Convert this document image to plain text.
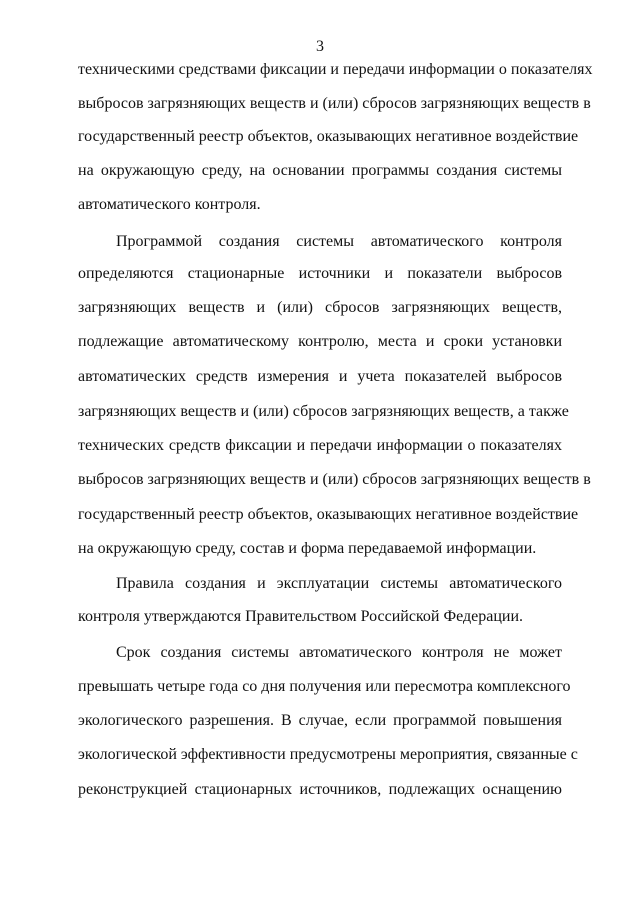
3
техническими средствами фиксации и передачи информации о показателях
выбросов загрязняющих веществ и (или) сбросов загрязняющих веществ в
государственный реестр объектов, оказывающих негативное воздействие
на окружающую среду, на основании программы создания системы
автоматического контроля.
Программой создания системы автоматического контроля
определяются стационарные источники и показатели выбросов
загрязняющих веществ и (или) сбросов загрязняющих веществ,
подлежащие автоматическому контролю, места и сроки установки
автоматических средств измерения и учета показателей выбросов
загрязняющих веществ и (или) сбросов загрязняющих веществ, а также
технических средств фиксации и передачи информации о показателях
выбросов загрязняющих веществ и (или) сбросов загрязняющих веществ в
государственный реестр объектов, оказывающих негативное воздействие
на окружающую среду, состав и форма передаваемой информации.
Правила создания и эксплуатации системы автоматического
контроля утверждаются Правительством Российской Федерации.
Срок создания системы автоматического контроля не может
превышать четыре года со дня получения или пересмотра комплексного
экологического разрешения. В случае, если программой повышения
экологической эффективности предусмотрены мероприятия, связанные с
реконструкцией стационарных источников, подлежащих оснащению
